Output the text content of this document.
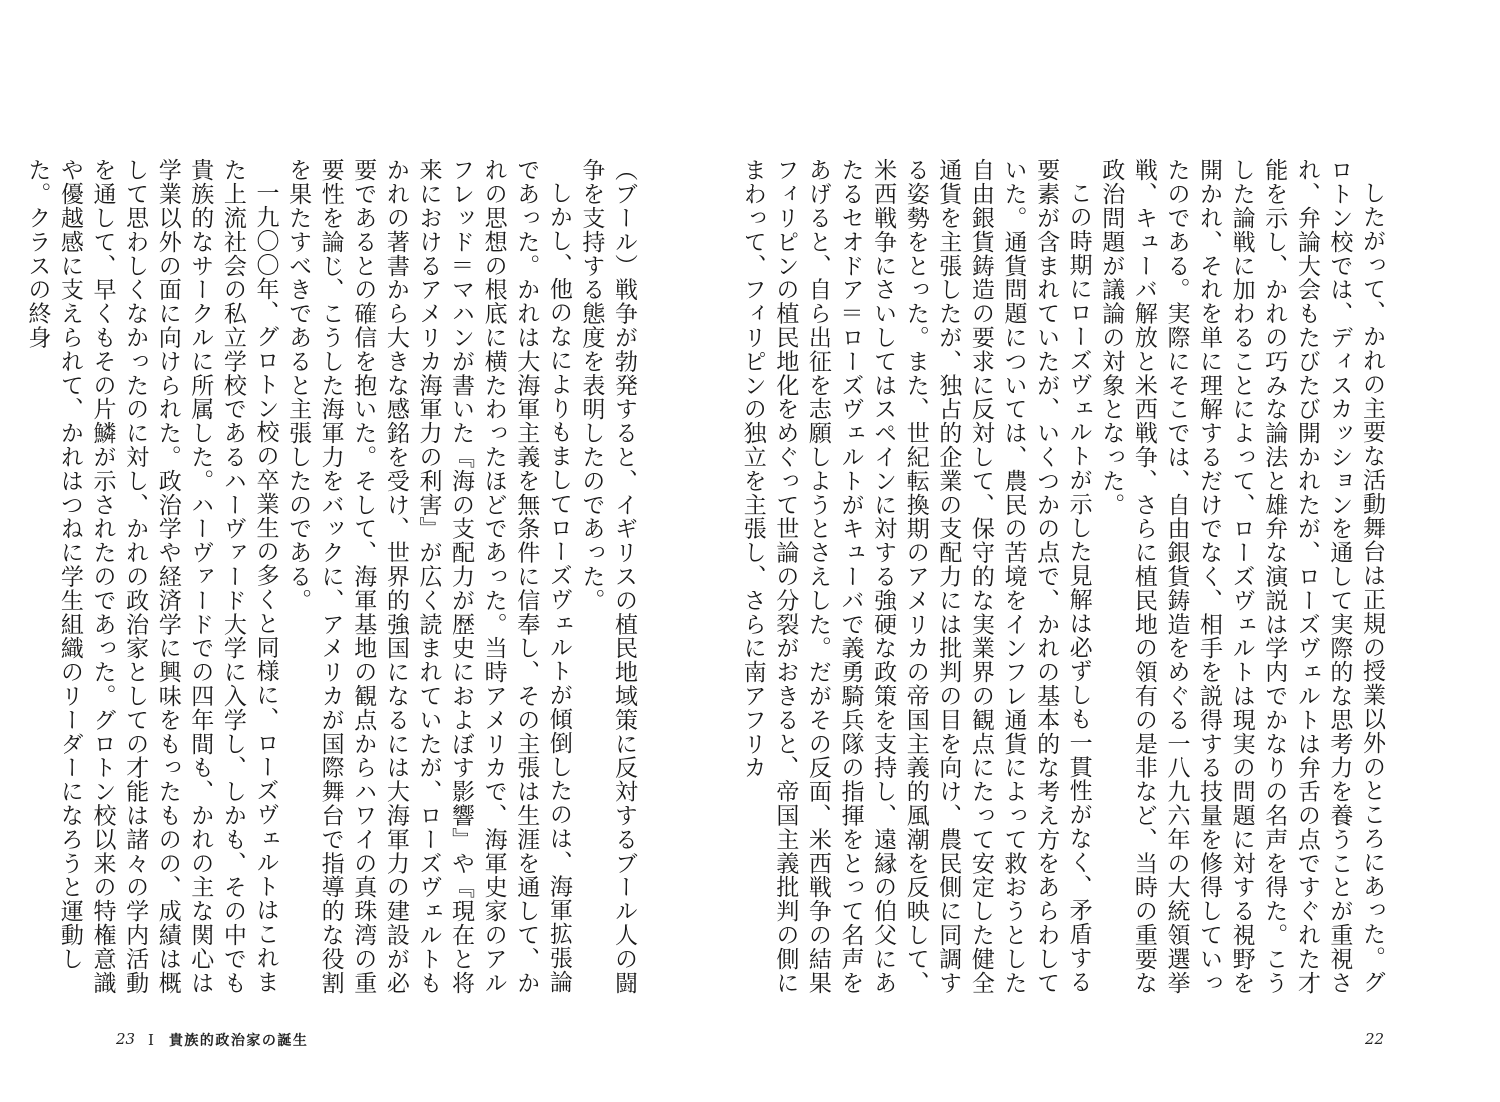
（ブール）戦争が勃発すると、イギリスの植民地域策に反対するブール人の闘争を支持する態度を表明したのであった。

しかし、他のなによりもましてローズヴェルトが傾倒したのは、海軍拡張論であった。かれは大海軍主義を無条件に信奉し、その主張は生涯を通して、かれの思想の根底に横たわったほどであった。当時アメリカで、海軍史家のアルフレッド＝マハンが書いた『海の支配力が歴史におよぼす影響』や『現在と将来におけるアメリカ海軍力の利害』が広く読まれていたが、ローズヴェルトもかれの著書から大きな感銘を受け、世界的強国になるには大海軍力の建設が必要であるとの確信を抱いた。そして、海軍基地の観点からハワイの真珠湾の重要性を論じ、こうした海軍力をバックに、アメリカが国際舞台で指導的な役割を果たすべきであると主張したのである。

一九〇〇年、グロトン校の卒業生の多くと同様に、ローズヴェルトはこれまた上流社会の私立学校であるハーヴァード大学に入学し、しかも、その中でも貴族的なサークルに所属した。ハーヴァードでの四年間も、かれの主な関心は学業以外の面に向けられた。政治学や経済学に興味をもったものの、成績は概して思わしくなかったのに対し、かれの政治家としての才能は諸々の学内活動を通して、早くもその片鱗が示されたのであった。グロトン校以来の特権意識や優越感に支えられて、かれはつねに学生組織のリーダーになろうと運動した。クラスの終身

23 I 貴族的政治家の誕生

したがって、かれの主要な活動舞台は正規の授業以外のところにあった。グロトン校では、ディスカッションを通して実際的な思考力を養うことが重視され、弁論大会もたびたび開かれたが、ローズヴェルトは弁舌の点ですぐれた才能を示し、かれの巧みな論法と雄弁な演説は学内でかなりの名声を得た。こうした論戦に加わることによって、ローズヴェルトは現実の問題に対する視野を開かれ、それを単に理解するだけでなく、相手を説得する技量を修得していったのである。実際にそこでは、自由銀貨鋳造をめぐる一八九六年の大統領選挙戦、キューバ解放と米西戦争、さらに植民地の領有の是非など、当時の重要な政治問題が議論の対象となった。

この時期にローズヴェルトが示した見解は必ずしも一貫性がなく、矛盾する要素が含まれていたが、いくつかの点で、かれの基本的な考え方をあらわしていた。通貨問題については、農民の苦境をインフレ通貨によって救おうとした自由銀貨鋳造の要求に反対して、保守的な実業界の観点にたって安定した健全通貨を主張したが、独占的企業の支配力には批判の目を向け、農民側に同調する姿勢をとった。また、世紀転換期のアメリカの帝国主義的風潮を反映して、米西戦争にさいしてはスペインに対する強硬な政策を支持し、遠縁の伯父にあたるセオドア＝ローズヴェルトがキューバで義勇騎兵隊の指揮をとって名声をあげると、自ら出征を志願しようとさえした。だがその反面、米西戦争の結果フィリピンの植民地化をめぐって世論の分裂がおきると、帝国主義批判の側にまわって、フィリピンの独立を主張し、さらに南アフリカ

22
